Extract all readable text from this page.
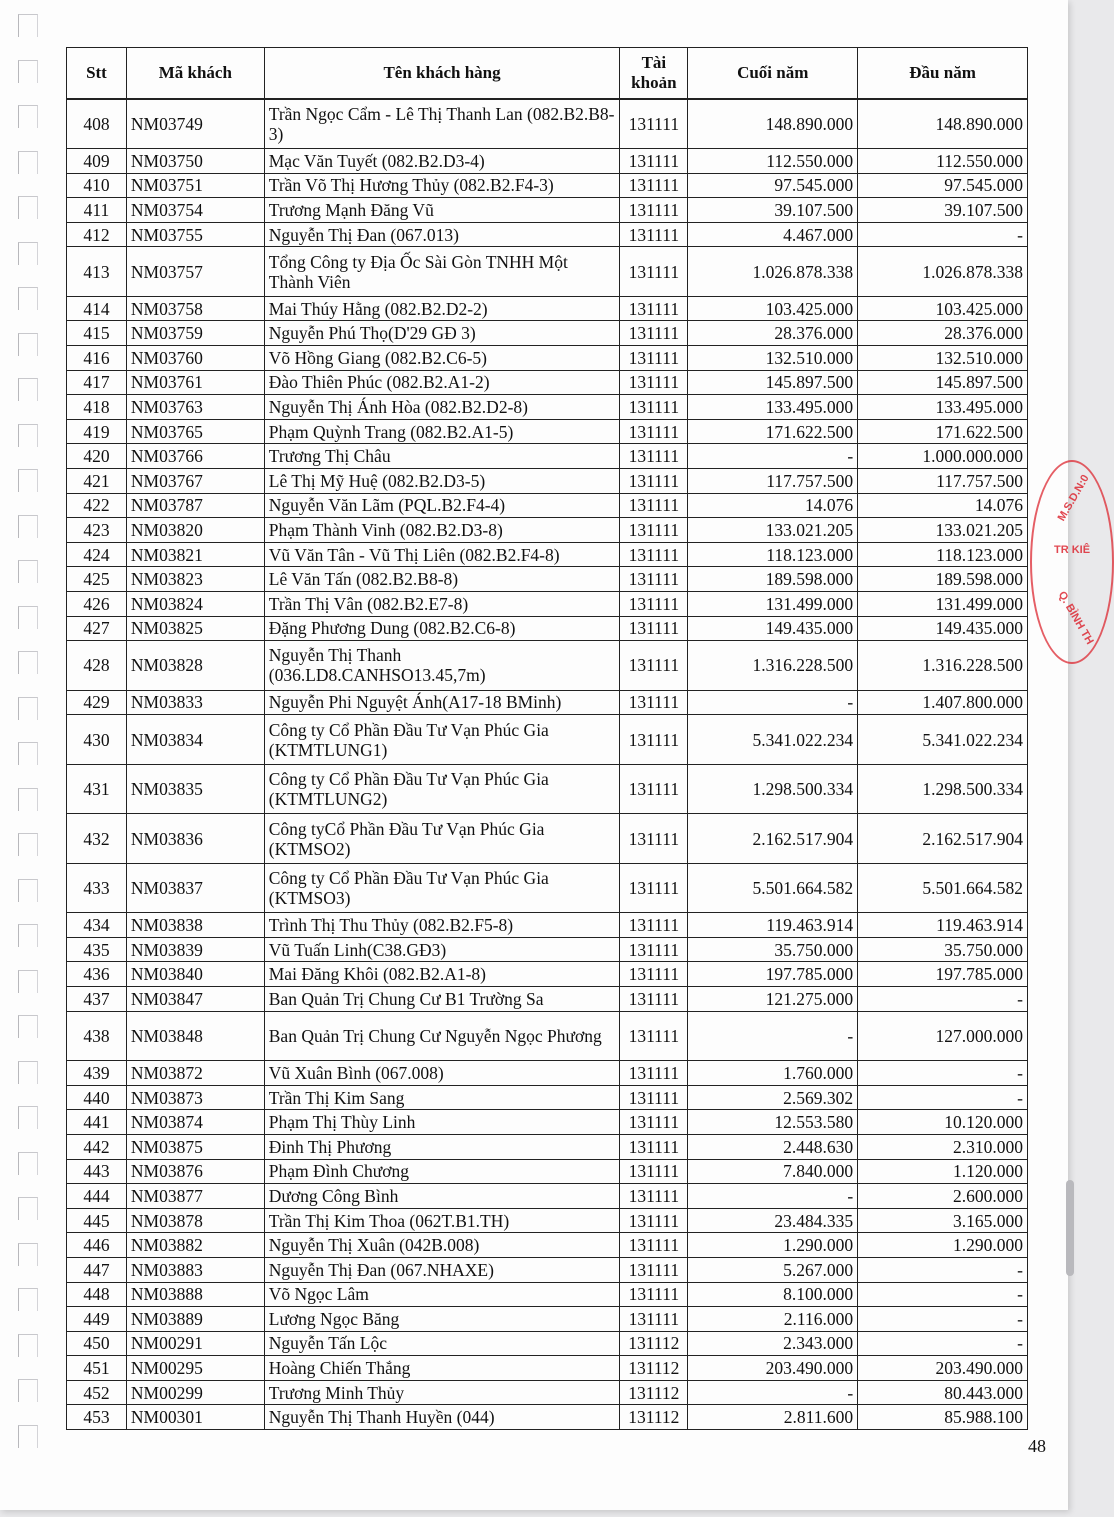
Stt	Mã khách	Tên khách hàng	Tài khoản	Cuối năm	Đầu năm
408	NM03749	Trần Ngọc Cẩm - Lê Thị Thanh Lan (082.B2.B8-3)	131111	148.890.000	148.890.000
409	NM03750	Mạc Văn Tuyết (082.B2.D3-4)	131111	112.550.000	112.550.000
410	NM03751	Trần Võ Thị Hương Thủy (082.B2.F4-3)	131111	97.545.000	97.545.000
411	NM03754	Trương Mạnh Đăng Vũ	131111	39.107.500	39.107.500
412	NM03755	Nguyễn Thị Đan (067.013)	131111	4.467.000	-
413	NM03757	Tổng Công ty Địa Ốc Sài Gòn TNHH Một Thành Viên	131111	1.026.878.338	1.026.878.338
414	NM03758	Mai Thúy Hằng (082.B2.D2-2)	131111	103.425.000	103.425.000
415	NM03759	Nguyễn Phú Thọ(D'29 GĐ 3)	131111	28.376.000	28.376.000
416	NM03760	Võ Hồng Giang (082.B2.C6-5)	131111	132.510.000	132.510.000
417	NM03761	Đào Thiên Phúc (082.B2.A1-2)	131111	145.897.500	145.897.500
418	NM03763	Nguyễn Thị Ánh Hòa (082.B2.D2-8)	131111	133.495.000	133.495.000
419	NM03765	Phạm Quỳnh Trang (082.B2.A1-5)	131111	171.622.500	171.622.500
420	NM03766	Trương Thị Châu	131111	-	1.000.000.000
421	NM03767	Lê Thị Mỹ Huệ (082.B2.D3-5)	131111	117.757.500	117.757.500
422	NM03787	Nguyễn Văn Lãm (PQL.B2.F4-4)	131111	14.076	14.076
423	NM03820	Phạm Thành Vinh (082.B2.D3-8)	131111	133.021.205	133.021.205
424	NM03821	Vũ Văn Tân - Vũ Thị Liên (082.B2.F4-8)	131111	118.123.000	118.123.000
425	NM03823	Lê Văn Tấn (082.B2.B8-8)	131111	189.598.000	189.598.000
426	NM03824	Trần Thị Vân (082.B2.E7-8)	131111	131.499.000	131.499.000
427	NM03825	Đặng Phương Dung (082.B2.C6-8)	131111	149.435.000	149.435.000
428	NM03828	Nguyễn Thị Thanh (036.LD8.CANHSO13.45,7m)	131111	1.316.228.500	1.316.228.500
429	NM03833	Nguyễn Phi Nguyệt Ánh(A17-18 BMinh)	131111	-	1.407.800.000
430	NM03834	Công ty Cổ Phần Đầu Tư Vạn Phúc Gia (KTMTLUNG1)	131111	5.341.022.234	5.341.022.234
431	NM03835	Công ty Cổ Phần Đầu Tư Vạn Phúc Gia (KTMTLUNG2)	131111	1.298.500.334	1.298.500.334
432	NM03836	Công tyCổ Phần Đầu Tư Vạn Phúc Gia (KTMSO2)	131111	2.162.517.904	2.162.517.904
433	NM03837	Công ty Cổ Phần Đầu Tư Vạn Phúc Gia (KTMSO3)	131111	5.501.664.582	5.501.664.582
434	NM03838	Trình Thị Thu Thủy (082.B2.F5-8)	131111	119.463.914	119.463.914
435	NM03839	Vũ Tuấn Linh(C38.GĐ3)	131111	35.750.000	35.750.000
436	NM03840	Mai Đăng Khôi (082.B2.A1-8)	131111	197.785.000	197.785.000
437	NM03847	Ban Quản Trị Chung Cư B1 Trường Sa	131111	121.275.000	-
438	NM03848	Ban Quản Trị Chung Cư Nguyễn Ngọc Phương	131111	-	127.000.000
439	NM03872	Vũ Xuân Bình (067.008)	131111	1.760.000	-
440	NM03873	Trần Thị Kim Sang	131111	2.569.302	-
441	NM03874	Phạm Thị Thùy Linh	131111	12.553.580	10.120.000
442	NM03875	Đinh Thị Phương	131111	2.448.630	2.310.000
443	NM03876	Phạm Đình Chương	131111	7.840.000	1.120.000
444	NM03877	Dương Công Bình	131111	-	2.600.000
445	NM03878	Trần Thị Kim Thoa (062T.B1.TH)	131111	23.484.335	3.165.000
446	NM03882	Nguyễn Thị Xuân (042B.008)	131111	1.290.000	1.290.000
447	NM03883	Nguyễn Thị Đan (067.NHAXE)	131111	5.267.000	-
448	NM03888	Võ Ngọc Lâm	131111	8.100.000	-
449	NM03889	Lương Ngọc Băng	131111	2.116.000	-
450	NM00291	Nguyễn Tấn Lộc	131112	2.343.000	-
451	NM00295	Hoàng Chiến Thắng	131112	203.490.000	203.490.000
452	NM00299	Trương Minh Thủy	131112	-	80.443.000
453	NM00301	Nguyễn Thị Thanh Huyền (044)	131112	2.811.600	85.988.100
M.S.D.N:0
TR KIÊ
Q. BÌNH TH
48
